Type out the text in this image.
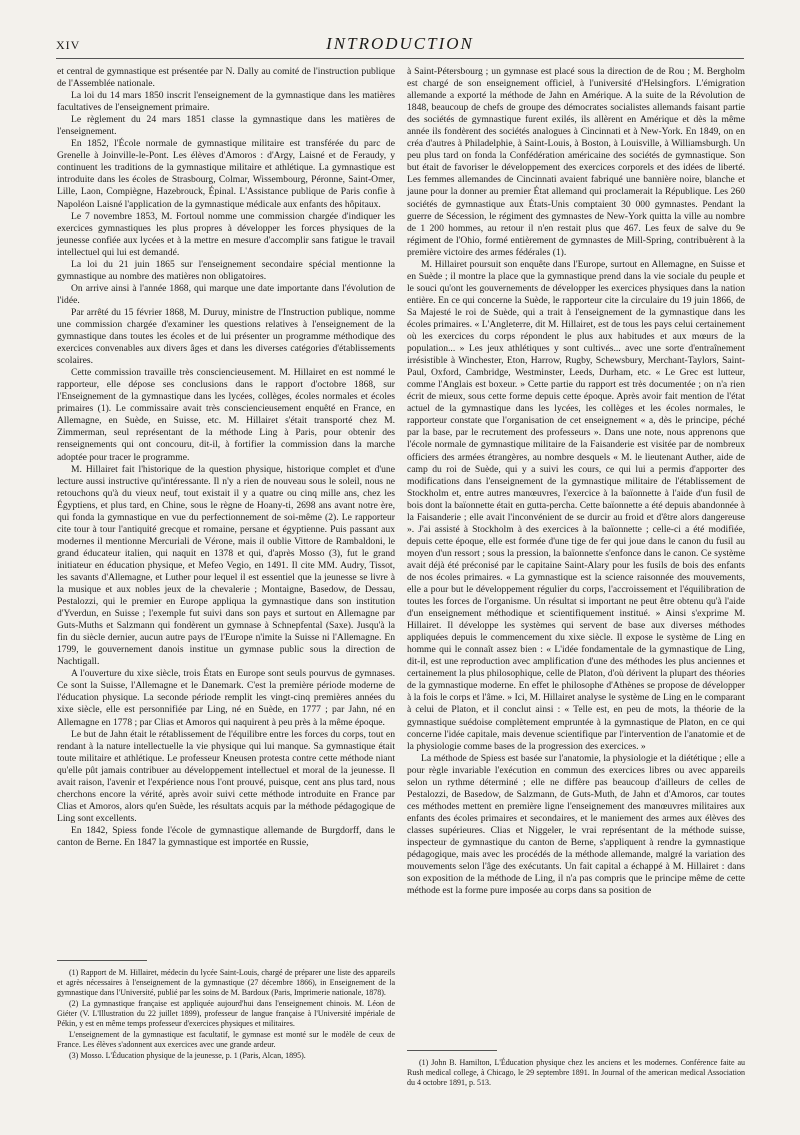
XIV	INTRODUCTION

et central de gymnastique est présentée par N. Dally au comité de l'instruction publique de l'Assemblée nationale.

La loi du 14 mars 1850 inscrit l'enseignement de la gymnastique dans les matières facultatives de l'enseignement primaire.

Le règlement du 24 mars 1851 classe la gymnastique dans les matières de l'enseignement.

En 1852, l'École normale de gymnastique militaire est transférée du parc de Grenelle à Joinville-le-Pont. Les élèves d'Amoros : d'Argy, Laisné et de Feraudy, y continuent les traditions de la gymnastique militaire et athlétique. La gymnastique est introduite dans les écoles de Strasbourg, Colmar, Wissembourg, Péronne, Saint-Omer, Lille, Laon, Compiègne, Hazebrouck, Épinal. L'Assistance publique de Paris confie à Napoléon Laisné l'application de la gymnastique médicale aux enfants des hôpitaux.

Le 7 novembre 1853, M. Fortoul nomme une commission chargée d'indiquer les exercices gymnastiques les plus propres à développer les forces physiques de la jeunesse confiée aux lycées et à la mettre en mesure d'accomplir sans fatigue le travail intellectuel qui lui est demandé.

La loi du 21 juin 1865 sur l'enseignement secondaire spécial mentionne la gymnastique au nombre des matières non obligatoires.

On arrive ainsi à l'année 1868, qui marque une date importante dans l'évolution de l'idée.

Par arrêté du 15 février 1868, M. Duruy, ministre de l'Instruction publique, nomme une commission chargée d'examiner les questions relatives à l'enseignement de la gymnastique dans toutes les écoles et de lui présenter un programme méthodique des exercices convenables aux divers âges et dans les diverses catégories d'établissements scolaires.

Cette commission travaille très consciencieusement. M. Hillairet en est nommé le rapporteur, elle dépose ses conclusions dans le rapport d'octobre 1868, sur l'Enseignement de la gymnastique dans les lycées, collèges, écoles normales et écoles primaires (1). Le commissaire avait très consciencieusement enquêté en France, en Allemagne, en Suède, en Suisse, etc. M. Hillairet s'était transporté chez M. Zimmerman, seul représentant de la méthode Ling à Paris, pour obtenir des renseignements qui ont concouru, dit-il, à fortifier la commission dans la marche adoptée pour tracer le programme.

M. Hillairet fait l'historique de la question physique, historique complet et d'une lecture aussi instructive qu'intéressante. Il n'y a rien de nouveau sous le soleil, nous ne retouchons qu'à du vieux neuf, tout existait il y a quatre ou cinq mille ans, chez les Égyptiens, et plus tard, en Chine, sous le règne de Hoany-ti, 2698 ans avant notre ère, qui fonda la gymnastique en vue du perfectionnement de soi-même (2). Le rapporteur cite tour à tour l'antiquité grecque et romaine, persane et égyptienne. Puis passant aux modernes il mentionne Mercuriali de Vérone, mais il oublie Vittore de Rambaldoni, le grand éducateur italien, qui naquit en 1378 et qui, d'après Mosso (3), fut le grand initiateur en éducation physique, et Mefeo Vegio, en 1491. Il cite MM. Audry, Tissot, les savants d'Allemagne, et Luther pour lequel il est essentiel que la jeunesse se livre à la musique et aux nobles jeux de la chevalerie ; Montaigne, Basedow, de Dessau, Pestalozzi, qui le premier en Europe appliqua la gymnastique dans son institution d'Yverdun, en Suisse ; l'exemple fut suivi dans son pays et surtout en Allemagne par Guts-Muths et Salzmann qui fondèrent un gymnase à Schnepfental (Saxe). Jusqu'à la fin du siècle dernier, aucun autre pays de l'Europe n'imite la Suisse ni l'Allemagne. En 1799, le gouvernement danois institue un gymnase public sous la direction de Nachtigall.

A l'ouverture du xixe siècle, trois États en Europe sont seuls pourvus de gymnases. Ce sont la Suisse, l'Allemagne et le Danemark. C'est la première période moderne de l'éducation physique. La seconde période remplit les vingt-cinq premières années du xixe siècle, elle est personnifiée par Ling, né en Suède, en 1777 ; par Jahn, né en Allemagne en 1778 ; par Clias et Amoros qui naquirent à peu près à la même époque.

Le but de Jahn était le rétablissement de l'équilibre entre les forces du corps, tout en rendant à la nature intellectuelle la vie physique qui lui manque. Sa gymnastique était toute militaire et athlétique. Le professeur Kneusen protesta contre cette méthode niant qu'elle pût jamais contribuer au développement intellectuel et moral de la jeunesse. Il avait raison, l'avenir et l'expérience nous l'ont prouvé, puisque, cent ans plus tard, nous cherchons encore la vérité, après avoir suivi cette méthode introduite en France par Clias et Amoros, alors qu'en Suède, les résultats acquis par la méthode pédagogique de Ling sont excellents.

En 1842, Spiess fonde l'école de gymnastique allemande de Burgdorff, dans le canton de Berne. En 1847 la gymnastique est importée en Russie,

(1) Rapport de M. Hillairet, médecin du lycée Saint-Louis, chargé de préparer une liste des appareils et agrès nécessaires à l'enseignement de la gymnastique (27 décembre 1866), in Enseignement de la gymnastique dans l'Université, publié par les soins de M. Bardoux (Paris, Imprimerie nationale, 1878).

(2) La gymnastique française est appliquée aujourd'hui dans l'enseignement chinois. M. Léon de Giéter (V. L'Illustration du 22 juillet 1899), professeur de langue française à l'Université impériale de Pékin, y est en même temps professeur d'exercices physiques et militaires.

L'enseignement de la gymnastique est facultatif, le gymnase est monté sur le modèle de ceux de France. Les élèves s'adonnent aux exercices avec une grande ardeur.

(3) Mosso. L'Éducation physique de la jeunesse, p. 1 (Paris, Alcan, 1895).

à Saint-Pétersbourg ; un gymnase est placé sous la direction de de Rou ; M. Bergholm est chargé de son enseignement officiel, à l'université d'Helsingfors. L'émigration allemande a exporté la méthode de Jahn en Amérique. A la suite de la Révolution de 1848, beaucoup de chefs de groupe des démocrates socialistes allemands faisant partie des sociétés de gymnastique furent exilés, ils allèrent en Amérique et dès la même année ils fondèrent des sociétés analogues à Cincinnati et à New-York. En 1849, on en créa d'autres à Philadelphie, à Saint-Louis, à Boston, à Louisville, à Williamsburgh. Un peu plus tard on fonda la Confédération américaine des sociétés de gymnastique. Son but était de favoriser le développement des exercices corporels et des idées de liberté. Les femmes allemandes de Cincinnati avaient fabriqué une bannière noire, blanche et jaune pour la donner au premier État allemand qui proclamerait la République. Les 260 sociétés de gymnastique aux États-Unis comptaient 30 000 gymnastes. Pendant la guerre de Sécession, le régiment des gymnastes de New-York quitta la ville au nombre de 1 200 hommes, au retour il n'en restait plus que 467. Les feux de salve du 9e régiment de l'Ohio, formé entièrement de gymnastes de Mill-Spring, contribuèrent à la première victoire des armes fédérales (1).

M. Hillairet poursuit son enquête dans l'Europe, surtout en Allemagne, en Suisse et en Suède ; il montre la place que la gymnastique prend dans la vie sociale du peuple et le souci qu'ont les gouvernements de développer les exercices physiques dans la nation entière. En ce qui concerne la Suède, le rapporteur cite la circulaire du 19 juin 1866, de Sa Majesté le roi de Suède, qui a trait à l'enseignement de la gymnastique dans les écoles primaires. « L'Angleterre, dit M. Hillairet, est de tous les pays celui certainement où les exercices du corps répondent le plus aux habitudes et aux mœurs de la population... » Les jeux athlétiques y sont cultivés... avec une sorte d'entraînement irrésistible à Winchester, Eton, Harrow, Rugby, Schewsbury, Merchant-Taylors, Saint-Paul, Oxford, Cambridge, Westminster, Leeds, Durham, etc. « Le Grec est lutteur, comme l'Anglais est boxeur. » Cette partie du rapport est très documentée ; on n'a rien écrit de mieux, sous cette forme depuis cette époque. Après avoir fait mention de l'état actuel de la gymnastique dans les lycées, les collèges et les écoles normales, le rapporteur constate que l'organisation de cet enseignement « a, dès le principe, péché par la base, par le recrutement des professeurs ». Dans une note, nous apprenons que l'école normale de gymnastique militaire de la Faisanderie est visitée par de nombreux officiers des armées étrangères, au nombre desquels « M. le lieutenant Auther, aide de camp du roi de Suède, qui y a suivi les cours, ce qui lui a permis d'apporter des modifications dans l'enseignement de la gymnastique militaire de l'établissement de Stockholm et, entre autres manœuvres, l'exercice à la baïonnette à l'aide d'un fusil de bois dont la baïonnette était en gutta-percha. Cette baïonnette a été depuis abandonnée à la Faisanderie ; elle avait l'inconvénient de se durcir au froid et d'être alors dangereuse ». J'ai assisté à Stockholm à des exercices à la baïonnette ; celle-ci a été modifiée, depuis cette époque, elle est formée d'une tige de fer qui joue dans le canon du fusil au moyen d'un ressort ; sous la pression, la baïonnette s'enfonce dans le canon. Ce système avait déjà été préconisé par le capitaine Saint-Alary pour les fusils de bois des enfants de nos écoles primaires. « La gymnastique est la science raisonnée des mouvements, elle a pour but le développement régulier du corps, l'accroissement et l'équilibration de toutes les forces de l'organisme. Un résultat si important ne peut être obtenu qu'à l'aide d'un enseignement méthodique et scientifiquement institué. » Ainsi s'exprime M. Hillairet. Il développe les systèmes qui servent de base aux diverses méthodes appliquées depuis le commencement du xixe siècle. Il expose le système de Ling en homme qui le connaît assez bien : « L'idée fondamentale de la gymnastique de Ling, dit-il, est une reproduction avec amplification d'une des méthodes les plus anciennes et certainement la plus philosophique, celle de Platon, d'où dérivent la plupart des théories de la gymnastique moderne. En effet le philosophe d'Athènes se propose de développer à la fois le corps et l'âme. » Ici, M. Hillairet analyse le système de Ling en le comparant à celui de Platon, et il conclut ainsi : « Telle est, en peu de mots, la théorie de la gymnastique suédoise complètement empruntée à la gymnastique de Platon, en ce qui concerne l'idée capitale, mais devenue scientifique par l'intervention de l'anatomie et de la physiologie comme bases de la progression des exercices. »

La méthode de Spiess est basée sur l'anatomie, la physiologie et la diététique ; elle a pour règle invariable l'exécution en commun des exercices libres ou avec appareils selon un rythme déterminé ; elle ne diffère pas beaucoup d'ailleurs de celles de Pestalozzi, de Basedow, de Salzmann, de Guts-Muth, de Jahn et d'Amoros, car toutes ces méthodes mettent en première ligne l'enseignement des manœuvres militaires aux enfants des écoles primaires et secondaires, et le maniement des armes aux élèves des classes supérieures. Clias et Niggeler, le vrai représentant de la méthode suisse, inspecteur de gymnastique du canton de Berne, s'appliquent à rendre la gymnastique pédagogique, mais avec les procédés de la méthode allemande, malgré la variation des mouvements selon l'âge des exécutants. Un fait capital a échappé à M. Hillairet : dans son exposition de la méthode de Ling, il n'a pas compris que le principe même de cette méthode est la forme pure imposée au corps dans sa position de

(1) John B. Hamilton, L'Éducation physique chez les anciens et les modernes. Conférence faite au Rush medical college, à Chicago, le 29 septembre 1891. In Journal of the american medical Association du 4 octobre 1891, p. 513.
